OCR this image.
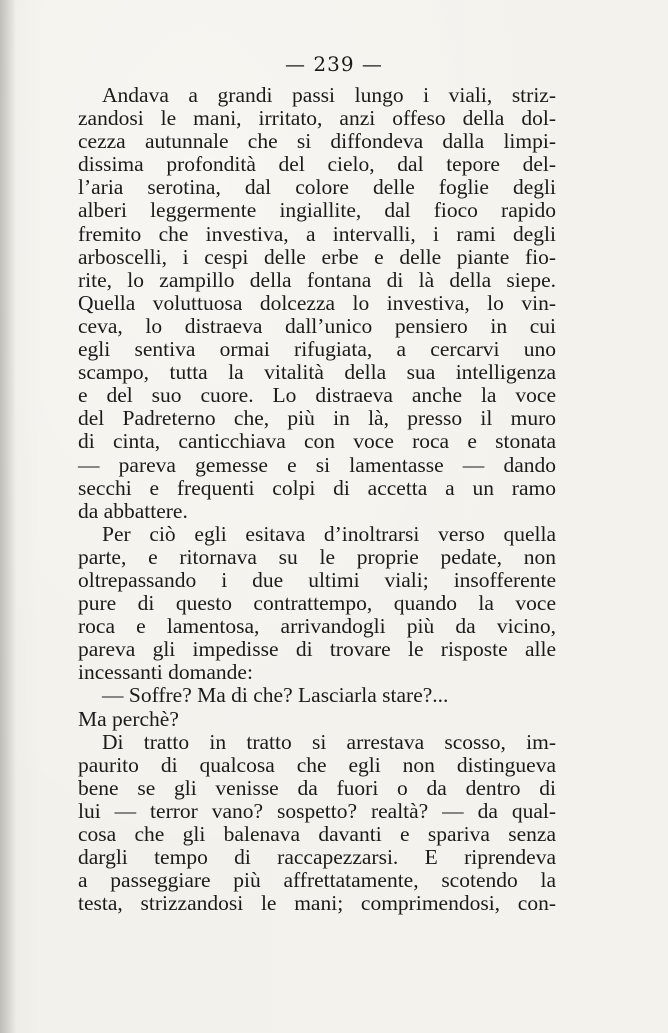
— 239 —
Andava a grandi passi lungo i viali, striz-
zandosi le mani, irritato, anzi offeso della dol-
cezza autunnale che si diffondeva dalla limpi-
dissima profondità del cielo, dal tepore del-
l’aria serotina, dal colore delle foglie degli
alberi leggermente ingiallite, dal fioco rapido
fremito che investiva, a intervalli, i rami degli
arboscelli, i cespi delle erbe e delle piante fio-
rite, lo zampillo della fontana di là della siepe.
Quella voluttuosa dolcezza lo investiva, lo vin-
ceva, lo distraeva dall’unico pensiero in cui
egli sentiva ormai rifugiata, a cercarvi uno
scampo, tutta la vitalità della sua intelligenza
e del suo cuore. Lo distraeva anche la voce
del Padreterno che, più in là, presso il muro
di cinta, canticchiava con voce roca e stonata
— pareva gemesse e si lamentasse — dando
secchi e frequenti colpi di accetta a un ramo
da abbattere.
Per ciò egli esitava d’inoltrarsi verso quella
parte, e ritornava su le proprie pedate, non
oltrepassando i due ultimi viali; insofferente
pure di questo contrattempo, quando la voce
roca e lamentosa, arrivandogli più da vicino,
pareva gli impedisse di trovare le risposte alle
incessanti domande:
— Soffre? Ma di che? Lasciarla stare?...
Ma perchè?
Di tratto in tratto si arrestava scosso, im-
paurito di qualcosa che egli non distingueva
bene se gli venisse da fuori o da dentro di
lui — terror vano? sospetto? realtà? — da qual-
cosa che gli balenava davanti e spariva senza
dargli tempo di raccapezzarsi. E riprendeva
a passeggiare più affrettatamente, scotendo la
testa, strizzandosi le mani; comprimendosi, con-
